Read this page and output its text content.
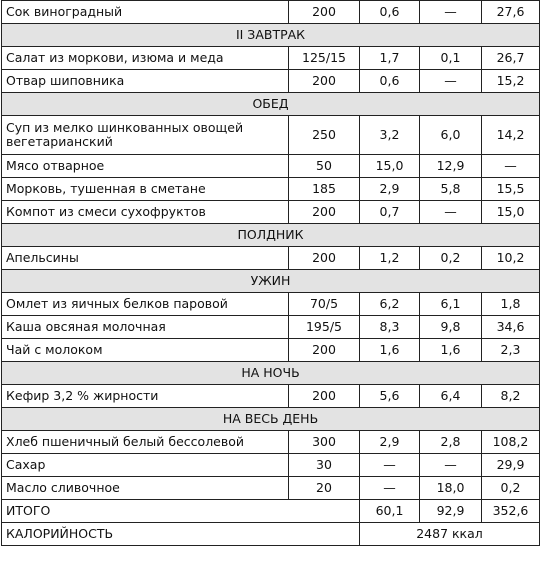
Сок виноградный	200	0,6	—	27,6
II ЗАВТРАК				
Салат из моркови, изюма и меда	125/15	1,7	0,1	26,7
Отвар шиповника	200	0,6	—	15,2
ОБЕД				
Суп из мелко шинкованных овощей вегетарианский	250	3,2	6,0	14,2
Мясо отварное	50	15,0	12,9	—
Морковь, тушенная в сметане	185	2,9	5,8	15,5
Компот из смеси сухофруктов	200	0,7	—	15,0
ПОЛДНИК				
Апельсины	200	1,2	0,2	10,2
УЖИН				
Омлет из яичных белков паровой	70/5	6,2	6,1	1,8
Каша овсяная молочная	195/5	8,3	9,8	34,6
Чай с молоком	200	1,6	1,6	2,3
НА НОЧЬ				
Кефир 3,2 % жирности	200	5,6	6,4	8,2
НА ВЕСЬ ДЕНЬ				
Хлеб пшеничный белый бессолевой	300	2,9	2,8	108,2
Сахар	30	—	—	29,9
Масло сливочное	20	—	18,0	0,2
ИТОГО		60,1	92,9	352,6
КАЛОРИЙНОСТЬ		2487 ккал		
